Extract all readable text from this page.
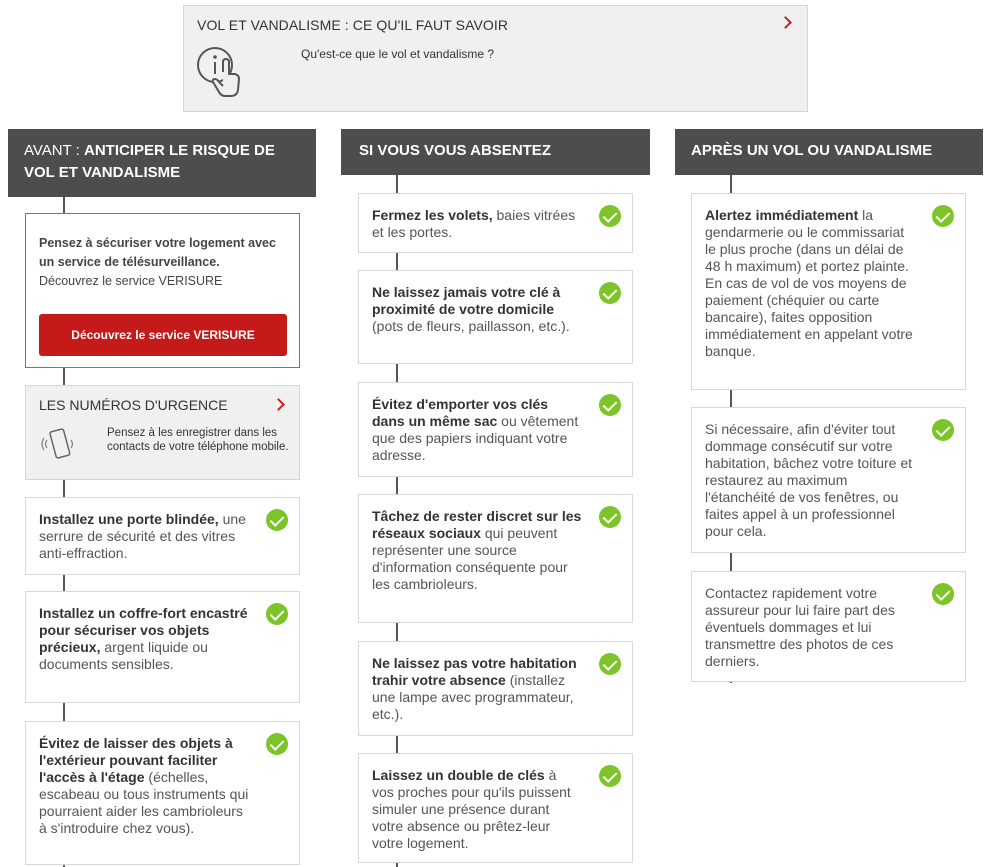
VOL ET VANDALISME : CE QU'IL FAUT SAVOIR
Qu'est-ce que le vol et vandalisme ?
AVANT : ANTICIPER LE RISQUE DE VOL ET VANDALISME
Pensez à sécuriser votre logement avec un service de télésurveillance.
Découvrez le service VERISURE
Découvrez le service VERISURE
LES NUMÉROS D'URGENCE
Pensez à les enregistrer dans les contacts de votre téléphone mobile.
Installez une porte blindée, une serrure de sécurité et des vitres anti-effraction.
Installez un coffre-fort encastré pour sécuriser vos objets précieux, argent liquide ou documents sensibles.
Évitez de laisser des objets à l'extérieur pouvant faciliter l'accès à l'étage (échelles, escabeau ou tous instruments qui pourraient aider les cambrioleurs à s'introduire chez vous).
SI VOUS VOUS ABSENTEZ
Fermez les volets, baies vitrées et les portes.
Ne laissez jamais votre clé à proximité de votre domicile (pots de fleurs, paillasson, etc.).
Évitez d'emporter vos clés dans un même sac ou vêtement que des papiers indiquant votre adresse.
Tâchez de rester discret sur les réseaux sociaux qui peuvent représenter une source d'information conséquente pour les cambrioleurs.
Ne laissez pas votre habitation trahir votre absence (installez une lampe avec programmateur, etc.).
Laissez un double de clés à vos proches pour qu'ils puissent simuler une présence durant votre absence ou prêtez-leur votre logement.
APRÈS UN VOL OU VANDALISME
Alertez immédiatement la gendarmerie ou le commissariat le plus proche (dans un délai de 48 h maximum) et portez plainte. En cas de vol de vos moyens de paiement (chéquier ou carte bancaire), faites opposition immédiatement en appelant votre banque.
Si nécessaire, afin d'éviter tout dommage consécutif sur votre habitation, bâchez votre toiture et restaurez au maximum l'étanchéité de vos fenêtres, ou faites appel à un professionnel pour cela.
Contactez rapidement votre assureur pour lui faire part des éventuels dommages et lui transmettre des photos de ces derniers.
